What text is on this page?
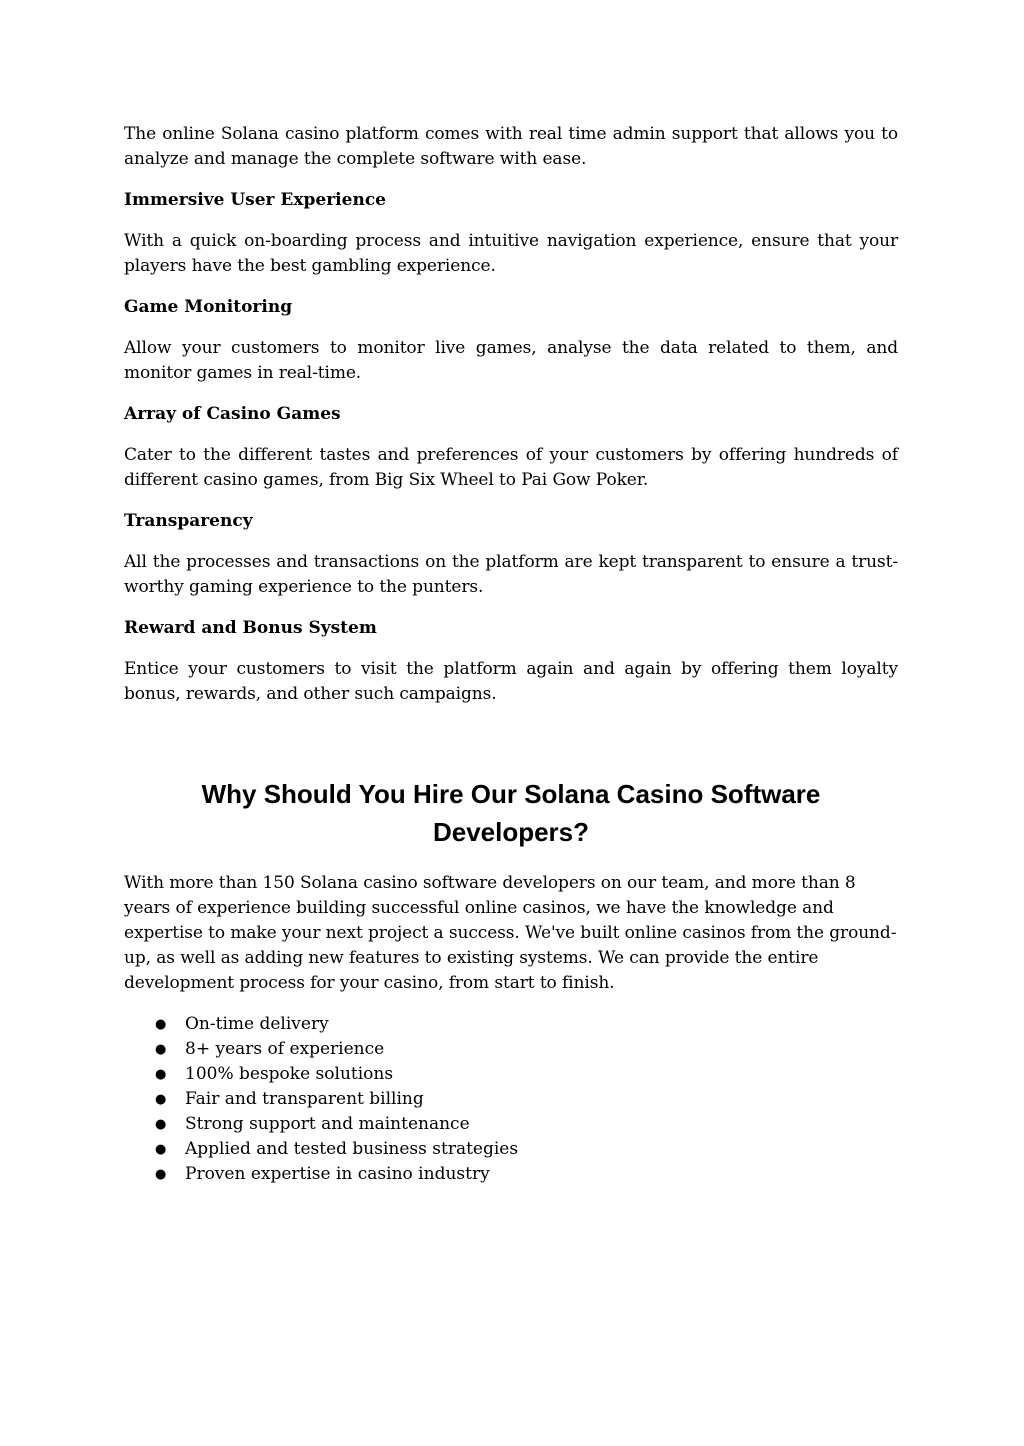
The online Solana casino platform comes with real time admin support that allows you to analyze and manage the complete software with ease.

Immersive User Experience

With a quick on-boarding process and intuitive navigation experience, ensure that your players have the best gambling experience.

Game Monitoring

Allow your customers to monitor live games, analyse the data related to them, and monitor games in real-time.

Array of Casino Games

Cater to the different tastes and preferences of your customers by offering hundreds of different casino games, from Big Six Wheel to Pai Gow Poker.

Transparency

All the processes and transactions on the platform are kept transparent to ensure a trust-worthy gaming experience to the punters.

Reward and Bonus System

Entice your customers to visit the platform again and again by offering them loyalty bonus, rewards, and other such campaigns.

Why Should You Hire Our Solana Casino Software Developers?

With more than 150 Solana casino software developers on our team, and more than 8 years of experience building successful online casinos, we have the knowledge and expertise to make your next project a success. We've built online casinos from the ground-up, as well as adding new features to existing systems. We can provide the entire development process for your casino, from start to finish.

● On-time delivery
● 8+ years of experience
● 100% bespoke solutions
● Fair and transparent billing
● Strong support and maintenance
● Applied and tested business strategies
● Proven expertise in casino industry
